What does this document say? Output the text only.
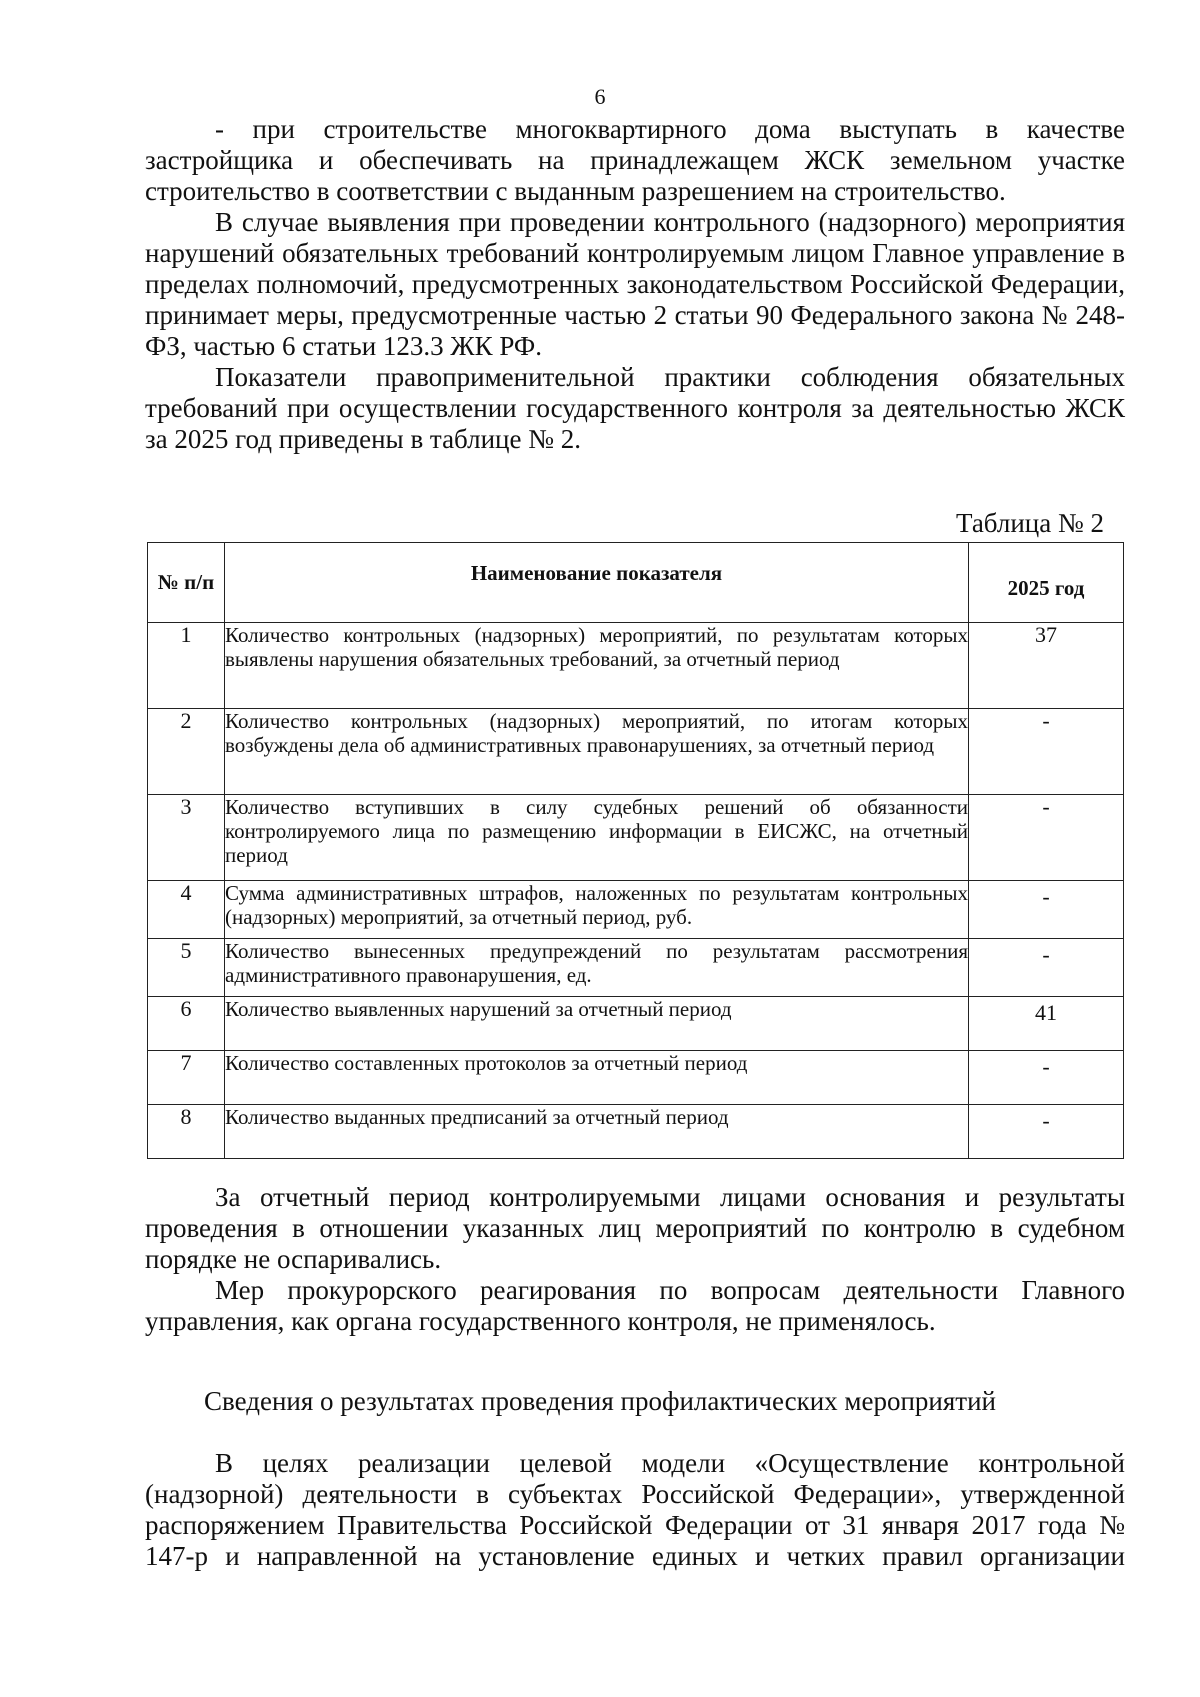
6

- при строительстве многоквартирного дома выступать в качестве застройщика и обеспечивать на принадлежащем ЖСК земельном участке строительство в соответствии с выданным разрешением на строительство.

В случае выявления при проведении контрольного (надзорного) мероприятия нарушений обязательных требований контролируемым лицом Главное управление в пределах полномочий, предусмотренных законодательством Российской Федерации, принимает меры, предусмотренные частью 2 статьи 90 Федерального закона № 248-ФЗ, частью 6 статьи 123.3 ЖК РФ.

Показатели правоприменительной практики соблюдения обязательных требований при осуществлении государственного контроля за деятельностью ЖСК за 2025 год приведены в таблице № 2.

Таблица № 2
№ п/п	Наименование показателя	2025 год
1	Количество контрольных (надзорных) мероприятий, по результатам которых выявлены нарушения обязательных требований, за отчетный период	37
2	Количество контрольных (надзорных) мероприятий, по итогам которых возбуждены дела об административных правонарушениях, за отчетный период	-
3	Количество вступивших в силу судебных решений об обязанности контролируемого лица по размещению информации в ЕИСЖС, на отчетный период	-
4	Сумма административных штрафов, наложенных по результатам контрольных (надзорных) мероприятий, за отчетный период, руб.	-
5	Количество вынесенных предупреждений по результатам рассмотрения административного правонарушения, ед.	-
6	Количество выявленных нарушений за отчетный период	41
7	Количество составленных протоколов за отчетный период	-
8	Количество выданных предписаний за отчетный период	-

За отчетный период контролируемыми лицами основания и результаты проведения в отношении указанных лиц мероприятий по контролю в судебном порядке не оспаривались.

Мер прокурорского реагирования по вопросам деятельности Главного управления, как органа государственного контроля, не применялось.

Сведения о результатах проведения профилактических мероприятий

В целях реализации целевой модели «Осуществление контрольной (надзорной) деятельности в субъектах Российской Федерации», утвержденной распоряжением Правительства Российской Федерации от 31 января 2017 года № 147-р и направленной на установление единых и четких правил организации
